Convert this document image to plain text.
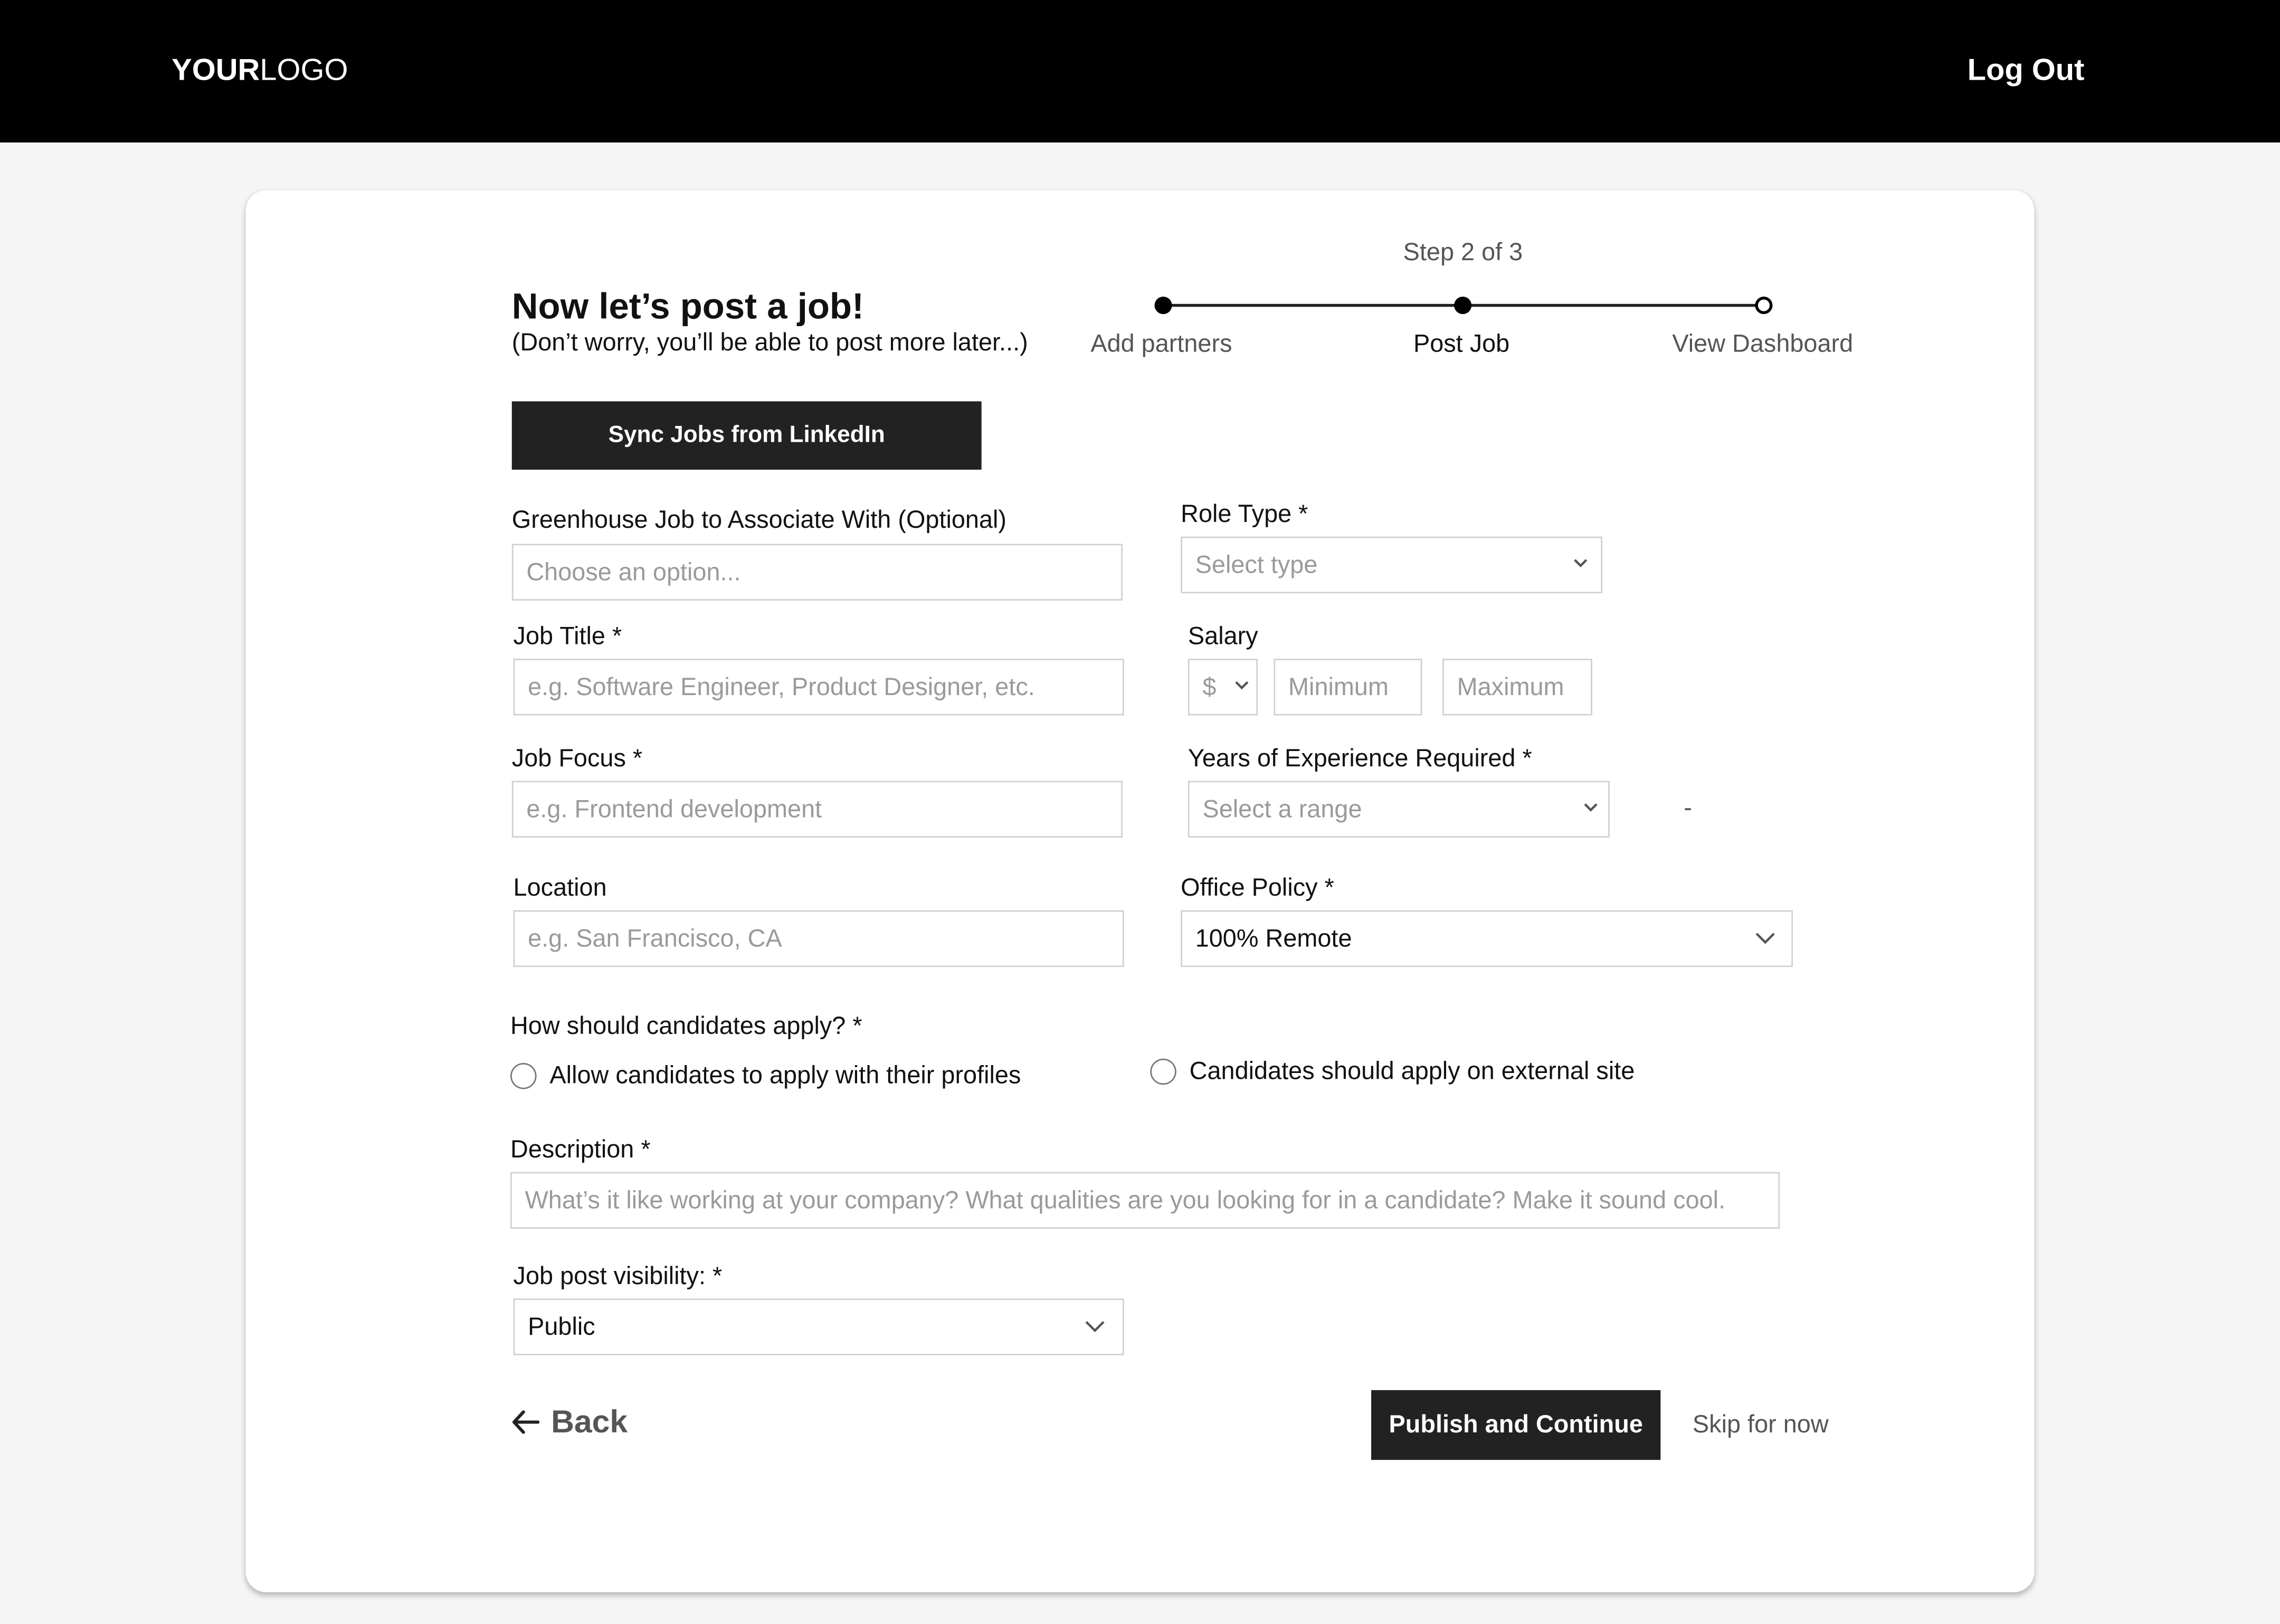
YOURLOGO	Log Out
Now let’s post a job!
(Don’t worry, you’ll be able to post more later...)
Step 2 of 3
Add partners	Post Job	View Dashboard
Sync Jobs from LinkedIn
Greenhouse Job to Associate With (Optional)
Choose an option...
Role Type *
Select type
Job Title *
e.g. Software Engineer, Product Designer, etc.
Salary
$	Minimum	Maximum
Job Focus *
e.g. Frontend development
Years of Experience Required *
Select a range	-
Location
e.g. San Francisco, CA
Office Policy *
100% Remote
How should candidates apply? *
Allow candidates to apply with their profiles	Candidates should apply on external site
Description *
What’s it like working at your company? What qualities are you looking for in a candidate? Make it sound cool.
Job post visibility: *
Public
Back	Publish and Continue	Skip for now
